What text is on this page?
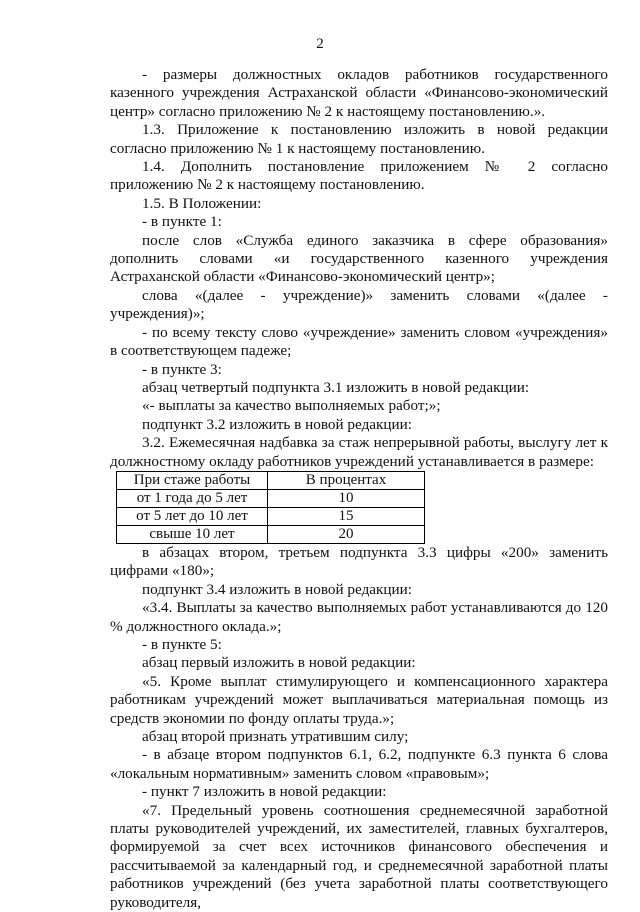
2

- размеры должностных окладов работников государственного казенного учреждения Астраханской области «Финансово-экономический центр» согласно приложению № 2 к настоящему постановлению.».

1.3. Приложение к постановлению изложить в новой редакции согласно приложению № 1 к настоящему постановлению.

1.4. Дополнить постановление приложением № 2 согласно приложению № 2 к настоящему постановлению.

1.5. В Положении:

- в пункте 1:

после слов «Служба единого заказчика в сфере образования» дополнить словами «и государственного казенного учреждения Астраханской области «Финансово-экономический центр»;

слова «(далее - учреждение)» заменить словами «(далее - учреждения)»;

- по всему тексту слово «учреждение» заменить словом «учреждения» в соответствующем падеже;

- в пункте 3:

абзац четвертый подпункта 3.1 изложить в новой редакции:

«- выплаты за качество выполняемых работ;»;

подпункт 3.2 изложить в новой редакции:

3.2. Ежемесячная надбавка за стаж непрерывной работы, выслугу лет к должностному окладу работников учреждений устанавливается в размере:

При стаже работы	В процентах
от 1 года до 5 лет	10
от 5 лет до 10 лет	15
свыше 10 лет	20

в абзацах втором, третьем подпункта 3.3 цифры «200» заменить цифрами «180»;

подпункт 3.4 изложить в новой редакции:

«3.4. Выплаты за качество выполняемых работ устанавливаются до 120 % должностного оклада.»;

- в пункте 5:

абзац первый изложить в новой редакции:

«5. Кроме выплат стимулирующего и компенсационного характера работникам учреждений может выплачиваться материальная помощь из средств экономии по фонду оплаты труда.»;

абзац второй признать утратившим силу;

- в абзаце втором подпунктов 6.1, 6.2, подпункте 6.3 пункта 6 слова «локальным нормативным» заменить словом «правовым»;

- пункт 7 изложить в новой редакции:

«7. Предельный уровень соотношения среднемесячной заработной платы руководителей учреждений, их заместителей, главных бухгалтеров, формируемой за счет всех источников финансового обеспечения и рассчитываемой за календарный год, и среднемесячной заработной платы работников учреждений (без учета заработной платы соответствующего руководителя,
